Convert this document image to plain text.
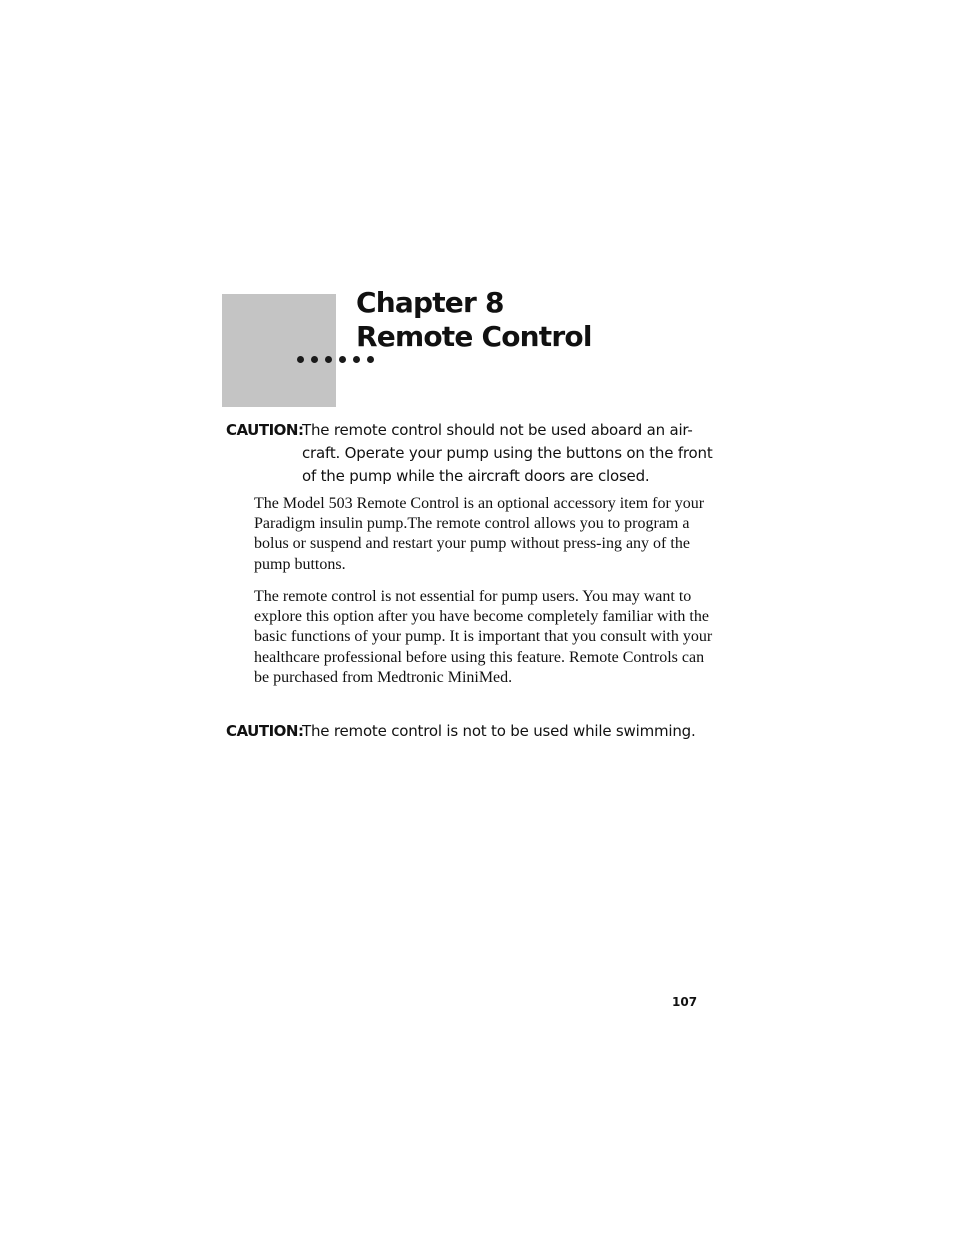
Chapter 8
Remote Control
CAUTION:
The remote control should not be used aboard an air-craft. Operate your pump using the buttons on the front of the pump while the aircraft doors are closed.

The Model 503 Remote Control is an optional accessory item for your Paradigm insulin pump.The remote control allows you to program a bolus or suspend and restart your pump without press-ing any of the pump buttons.

The remote control is not essential for pump users. You may want to explore this option after you have become completely familiar with the basic functions of your pump. It is important that you consult with your healthcare professional before using this feature. Remote Controls can be purchased from Medtronic MiniMed.

CAUTION:
The remote control is not to be used while swimming.
107
